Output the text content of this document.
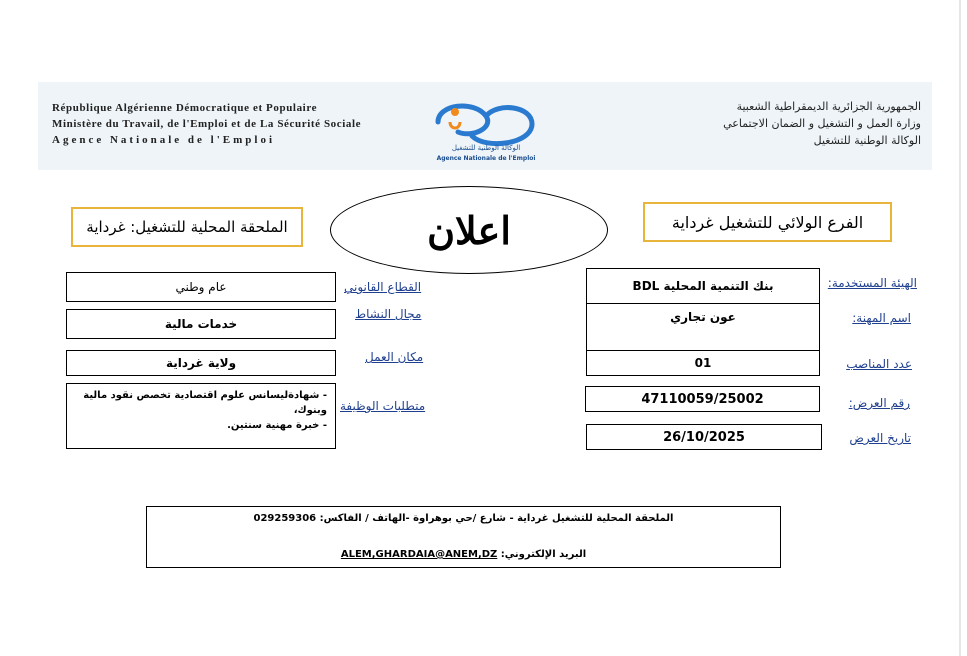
République Algérienne Démocratique et Populaire
Ministère du Travail, de l'Emploi et de La Sécurité Sociale
Agence Nationale de l'Emploi
الجمهورية الجزائرية الديمقراطية الشعبية
وزارة العمل و التشغيل و الضمان الاجتماعي
الوكالة الوطنية للتشغيل
الوكالة الوطنية للتشغيل
Agence Nationale de l'Emploi
الملحقة المحلية للتشغيل: غرداية	اعلان	الفرع الولائي للتشغيل غرداية
بنك التنمية المحلية BDL
عون تجاري
01
47110059/25002
26/10/2025
الهيئة المستخدمة:
اسم المهنة:
عدد المناصب
رقم العرض:
تاريخ العرض
عام وطني
خدمات مالية
ولاية غرداية
- شهادةليسانس علوم اقتصادية تخصص نقود مالية وبنوك،
- خبرة مهنية سنتين.
القطاع القانوني
مجال النشاط
مكان العمل
متطلبات الوظيفة
الملحقة المحلية للتشغيل غرداية - شارع /حي بوهراوة -الهاتف / الفاكس: 029259306
البريد الإلكتروني: ALEM,GHARDAIA@ANEM,DZ
